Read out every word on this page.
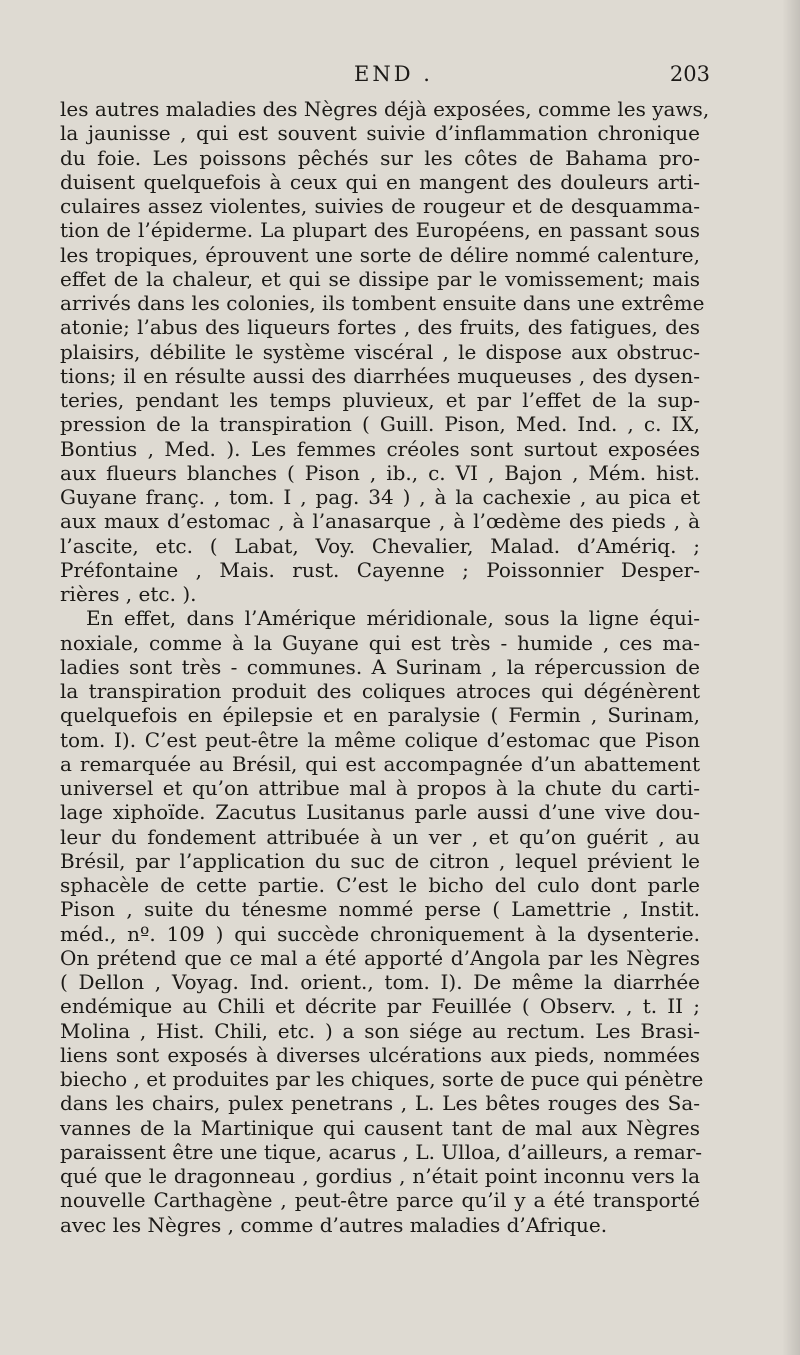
END .	203
les autres maladies des Nègres déjà exposées, comme les yaws,
la jaunisse , qui est souvent suivie d’inflammation chronique
du foie. Les poissons pêchés sur les côtes de Bahama pro-
duisent quelquefois à ceux qui en mangent des douleurs arti-
culaires assez violentes, suivies de rougeur et de desquamma-
tion de l’épiderme. La plupart des Européens, en passant sous
les tropiques, éprouvent une sorte de délire nommé calenture,
effet de la chaleur, et qui se dissipe par le vomissement; mais
arrivés dans les colonies, ils tombent ensuite dans une extrême
atonie; l’abus des liqueurs fortes , des fruits, des fatigues, des
plaisirs, débilite le système viscéral , le dispose aux obstruc-
tions; il en résulte aussi des diarrhées muqueuses , des dysen-
teries, pendant les temps pluvieux, et par l’effet de la sup-
pression de la transpiration ( Guill. Pison, Med. Ind. , c. IX,
Bontius , Med. ). Les femmes créoles sont surtout exposées
aux flueurs blanches ( Pison , ib., c. VI , Bajon , Mém. hist.
Guyane franç. , tom. I , pag. 34 ) , à la cachexie , au pica et
aux maux d’estomac , à l’anasarque , à l’œdème des pieds , à
l’ascite, etc. ( Labat, Voy. Chevalier, Malad. d’Amériq. ;
Préfontaine , Mais. rust. Cayenne ; Poissonnier Desper-
rières , etc. ).
En effet, dans l’Amérique méridionale, sous la ligne équi-
noxiale, comme à la Guyane qui est très - humide , ces ma-
ladies sont très - communes. A Surinam , la répercussion de
la transpiration produit des coliques atroces qui dégénèrent
quelquefois en épilepsie et en paralysie ( Fermin , Surinam,
tom. I). C’est peut-être la même colique d’estomac que Pison
a remarquée au Brésil, qui est accompagnée d’un abattement
universel et qu’on attribue mal à propos à la chute du carti-
lage xiphoïde. Zacutus Lusitanus parle aussi d’une vive dou-
leur du fondement attribuée à un ver , et qu’on guérit , au
Brésil, par l’application du suc de citron , lequel prévient le
sphacèle de cette partie. C’est le bicho del culo dont parle
Pison , suite du ténesme nommé perse ( Lamettrie , Instit.
méd., nº. 109 ) qui succède chroniquement à la dysenterie.
On prétend que ce mal a été apporté d’Angola par les Nègres
( Dellon , Voyag. Ind. orient., tom. I). De même la diarrhée
endémique au Chili et décrite par Feuillée ( Observ. , t. II ;
Molina , Hist. Chili, etc. ) a son siége au rectum. Les Brasi-
liens sont exposés à diverses ulcérations aux pieds, nommées
biecho , et produites par les chiques, sorte de puce qui pénètre
dans les chairs, pulex penetrans , L. Les bêtes rouges des Sa-
vannes de la Martinique qui causent tant de mal aux Nègres
paraissent être une tique, acarus , L. Ulloa, d’ailleurs, a remar-
qué que le dragonneau , gordius , n’était point inconnu vers la
nouvelle Carthagène , peut-être parce qu’il y a été transporté
avec les Nègres , comme d’autres maladies d’Afrique.
